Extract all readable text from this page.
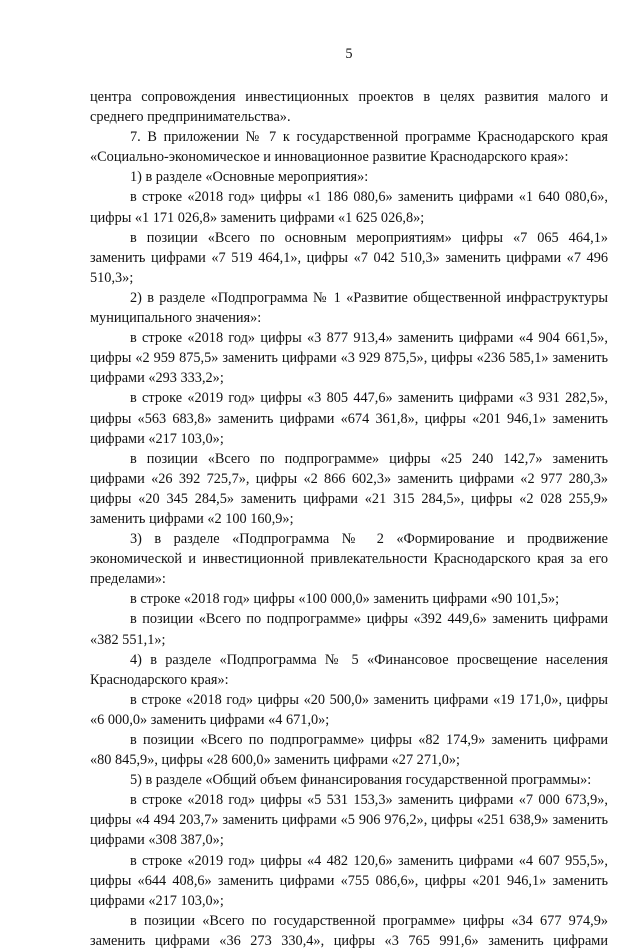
5

центра сопровождения инвестиционных проектов в целях развития малого и среднего предпринимательства».

7. В приложении № 7 к государственной программе Краснодарского края «Социально-экономическое и инновационное развитие Краснодарского края»:

1) в разделе «Основные мероприятия»:

в строке «2018 год» цифры «1 186 080,6» заменить цифрами «1 640 080,6», цифры «1 171 026,8» заменить цифрами «1 625 026,8»;

в позиции «Всего по основным мероприятиям» цифры «7 065 464,1» заменить цифрами «7 519 464,1», цифры «7 042 510,3» заменить цифрами «7 496 510,3»;

2) в разделе «Подпрограмма № 1 «Развитие общественной инфраструктуры муниципального значения»:

в строке «2018 год» цифры «3 877 913,4» заменить цифрами «4 904 661,5», цифры «2 959 875,5» заменить цифрами «3 929 875,5», цифры «236 585,1» заменить цифрами «293 333,2»;

в строке «2019 год» цифры «3 805 447,6» заменить цифрами «3 931 282,5», цифры «563 683,8» заменить цифрами «674 361,8», цифры «201 946,1» заменить цифрами «217 103,0»;

в позиции «Всего по подпрограмме» цифры «25 240 142,7» заменить цифрами «26 392 725,7», цифры «2 866 602,3» заменить цифрами «2 977 280,3» цифры «20 345 284,5» заменить цифрами «21 315 284,5», цифры «2 028 255,9» заменить цифрами «2 100 160,9»;

3) в разделе «Подпрограмма № 2 «Формирование и продвижение экономической и инвестиционной привлекательности Краснодарского края за его пределами»:

в строке «2018 год» цифры «100 000,0» заменить цифрами «90 101,5»;

в позиции «Всего по подпрограмме» цифры «392 449,6» заменить цифрами «382 551,1»;

4) в разделе «Подпрограмма № 5 «Финансовое просвещение населения Краснодарского края»:

в строке «2018 год» цифры «20 500,0» заменить цифрами «19 171,0», цифры «6 000,0» заменить цифрами «4 671,0»;

в позиции «Всего по подпрограмме» цифры «82 174,9» заменить цифрами «80 845,9», цифры «28 600,0» заменить цифрами «27 271,0»;

5) в разделе «Общий объем финансирования государственной программы»:

в строке «2018 год» цифры «5 531 153,3» заменить цифрами «7 000 673,9», цифры «4 494 203,7» заменить цифрами «5 906 976,2», цифры «251 638,9» заменить цифрами «308 387,0»;

в строке «2019 год» цифры «4 482 120,6» заменить цифрами «4 607 955,5», цифры «644 408,6» заменить цифрами «755 086,6», цифры «201 946,1» заменить цифрами «217 103,0»;

в позиции «Всего по государственной программе» цифры «34 677 974,9» заменить цифрами «36 273 330,4», цифры «3 765 991,6» заменить цифрами
